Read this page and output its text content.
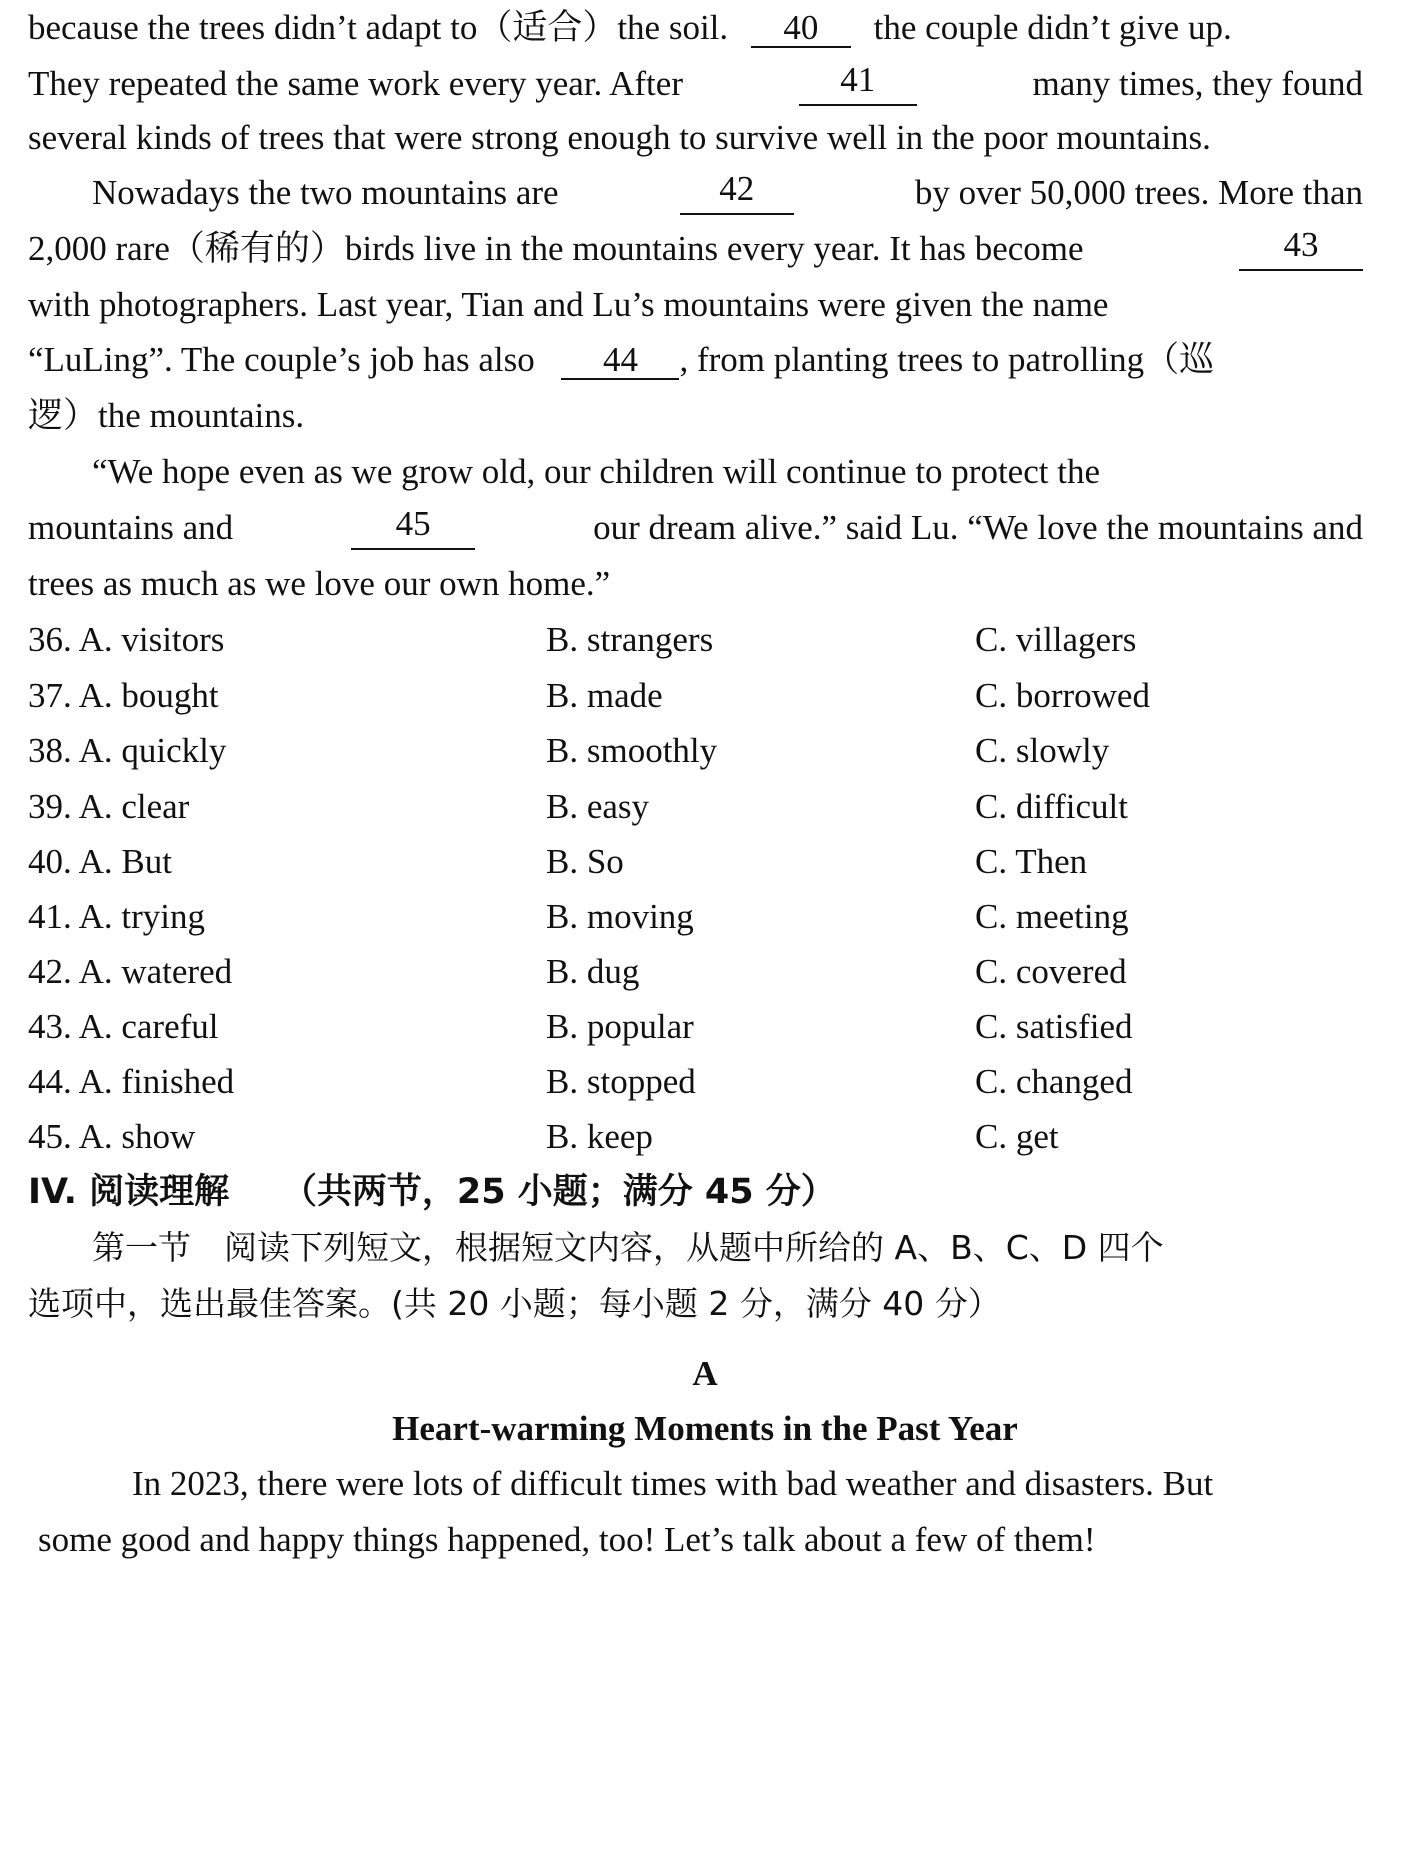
because the trees didn’t adapt to（适合）the soil. 40 the couple didn’t give up.
They repeated the same work every year. After	41	many times, they found
several kinds of trees that were strong enough to survive well in the poor mountains.
Nowadays the two mountains are	42	by over 50,000 trees. More than
2,000 rare（稀有的）birds live in the mountains every year. It has become	43
with photographers. Last year, Tian and Lu’s mountains were given the name
“LuLing”. The couple’s job has also 44 , from planting trees to patrolling（巡
逻）the mountains.
“We hope even as we grow old, our children will continue to protect the
mountains and	45	our dream alive.” said Lu. “We love the mountains and
trees as much as we love our own home.”
36. A. visitors	B. strangers	C. villagers
37. A. bought	B. made	C. borrowed
38. A. quickly	B. smoothly	C. slowly
39. A. clear	B. easy	C. difficult
40. A. But	B. So	C. Then
41. A. trying	B. moving	C. meeting
42. A. watered	B. dug	C. covered
43. A. careful	B. popular	C. satisfied
44. A. finished	B. stopped	C. changed
45. A. show	B. keep	C. get
IV. 阅读理解 （共两节，25 小题；满分 45 分）
第一节　阅读下列短文，根据短文内容，从题中所给的 A、B、C、D 四个
选项中，选出最佳答案。(共 20 小题；每小题 2 分，满分 40 分）
A
Heart-warming Moments in the Past Year
In 2023, there were lots of difficult times with bad weather and disasters. But
some good and happy things happened, too! Let’s talk about a few of them!
